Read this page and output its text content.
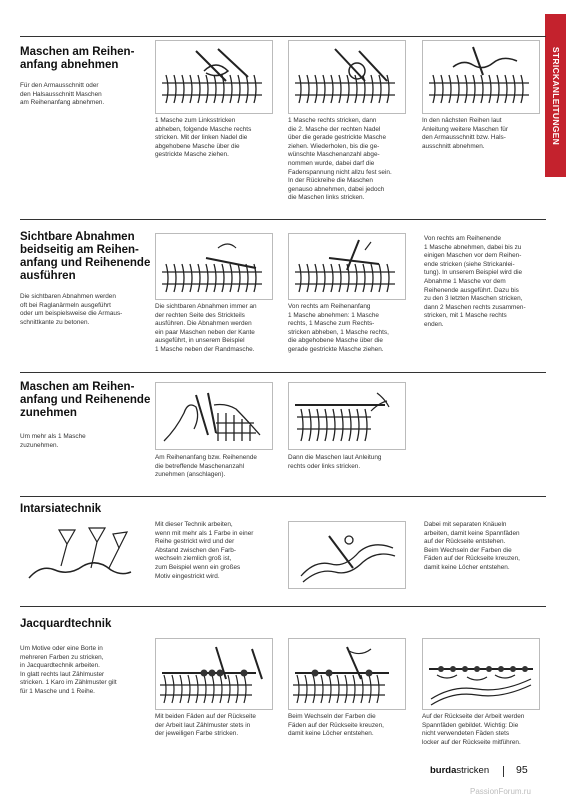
STRICKANLEITUNGEN
Maschen am Reihen-
anfang abnehmen
Für den Armausschnitt oder
den Halsausschnitt Maschen
am Reihenanfang abnehmen.
1 Masche zum Linksstricken
abheben, folgende Masche rechts
stricken. Mit der linken Nadel die
abgehobene Masche über die
gestrickte Masche ziehen.
1 Masche rechts stricken, dann
die 2. Masche der rechten Nadel
über die gerade gestrickte Masche
ziehen. Wiederholen, bis die ge-
wünschte Maschenanzahl abge-
nommen wurde, dabei darf die
Fadenspannung nicht allzu fest sein.
In der Rückreihe die Maschen
genauso abnehmen, dabei jedoch
die Maschen links stricken.
In den nächsten Reihen laut
Anleitung weitere Maschen für
den Armausschnitt bzw. Hals-
ausschnitt abnehmen.
Sichtbare Abnahmen
beidseitig am Reihen-
anfang und Reihenende
ausführen
Die sichtbaren Abnahmen werden
oft bei Raglanärmeln ausgeführt
oder um beispielsweise die Armaus-
schnittkante zu betonen.
Die sichtbaren Abnahmen immer an
der rechten Seite des Strickteils
ausführen. Die Abnahmen werden
ein paar Maschen neben der Kante
ausgeführt, in unserem Beispiel
1 Masche neben der Randmasche.
Von rechts am Reihenanfang
1 Masche abnehmen: 1 Masche
rechts, 1 Masche zum Rechts-
stricken abheben, 1 Masche rechts,
die abgehobene Masche über die
gerade gestrickte Masche ziehen.
Von rechts am Reihenende
1 Masche abnehmen, dabei bis zu
einigen Maschen vor dem Reihen-
ende stricken (siehe Strickanlei-
tung). In unserem Beispiel wird die
Abnahme 1 Masche vor dem
Reihenende ausgeführt. Dazu bis
zu den 3 letzten Maschen stricken,
dann 2 Maschen rechts zusammen-
stricken, mit 1 Masche rechts
enden.
Maschen am Reihen-
anfang und Reihenende
zunehmen
Um mehr als 1 Masche
zuzunehmen.
Am Reihenanfang bzw. Reihenende
die betreffende Maschenanzahl
zunehmen (anschlagen).
Dann die Maschen laut Anleitung
rechts oder links stricken.
Intarsiatechnik
Mit dieser Technik arbeiten,
wenn mit mehr als 1 Farbe in einer
Reihe gestrickt wird und der
Abstand zwischen den Farb-
wechseln ziemlich groß ist,
zum Beispiel wenn ein großes
Motiv eingestrickt wird.
Dabei mit separaten Knäueln
arbeiten, damit keine Spannfäden
auf der Rückseite entstehen.
Beim Wechseln der Farben die
Fäden auf der Rückseite kreuzen,
damit keine Löcher entstehen.
Jacquardtechnik
Um Motive oder eine Borte in
mehreren Farben zu stricken,
in Jacquardtechnik arbeiten.
In glatt rechts laut Zählmuster
stricken. 1 Karo im Zählmuster gilt
für 1 Masche und 1 Reihe.
Mit beiden Fäden auf der Rückseite
der Arbeit laut Zählmuster stets in
der jeweiligen Farbe stricken.
Beim Wechseln der Farben die
Fäden auf der Rückseite kreuzen,
damit keine Löcher entstehen.
Auf der Rückseite der Arbeit werden
Spannfäden gebildet. Wichtig: Die
nicht verwendeten Fäden stets
locker auf der Rückseite mitführen.
burdastricken	95
PassionForum.ru
